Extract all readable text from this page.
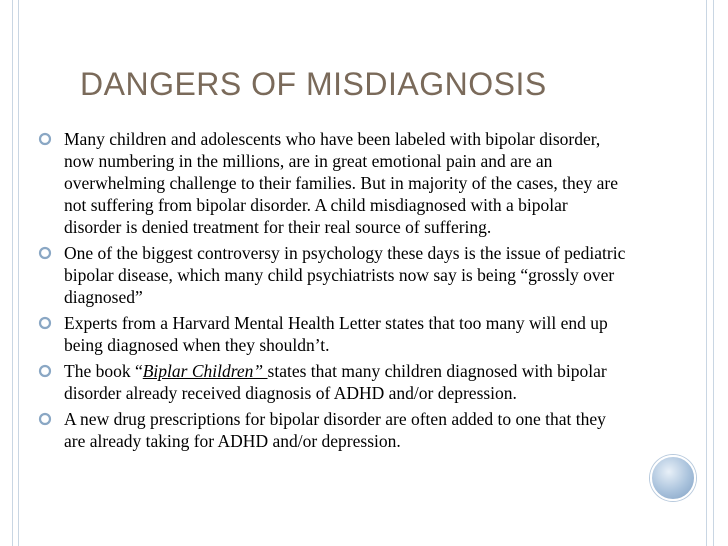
DANGERS OF MISDIAGNOSIS
Many children and adolescents who have been labeled with bipolar disorder, now numbering in the millions, are in great emotional pain and are an overwhelming challenge to their families. But in majority of the cases, they are not suffering from bipolar disorder. A child misdiagnosed with a bipolar disorder is denied treatment for their real source of suffering.
One of the biggest controversy in psychology these days is the issue of pediatric bipolar disease, which many child psychiatrists now say is being “grossly over diagnosed”
Experts from a Harvard Mental Health Letter states that too many will end up being diagnosed when they shouldn’t.
The book “Biplar Children” states that many children diagnosed with bipolar disorder already received diagnosis of ADHD and/or depression.
A new drug prescriptions for bipolar disorder are often added to one that they are already taking for ADHD and/or depression.
